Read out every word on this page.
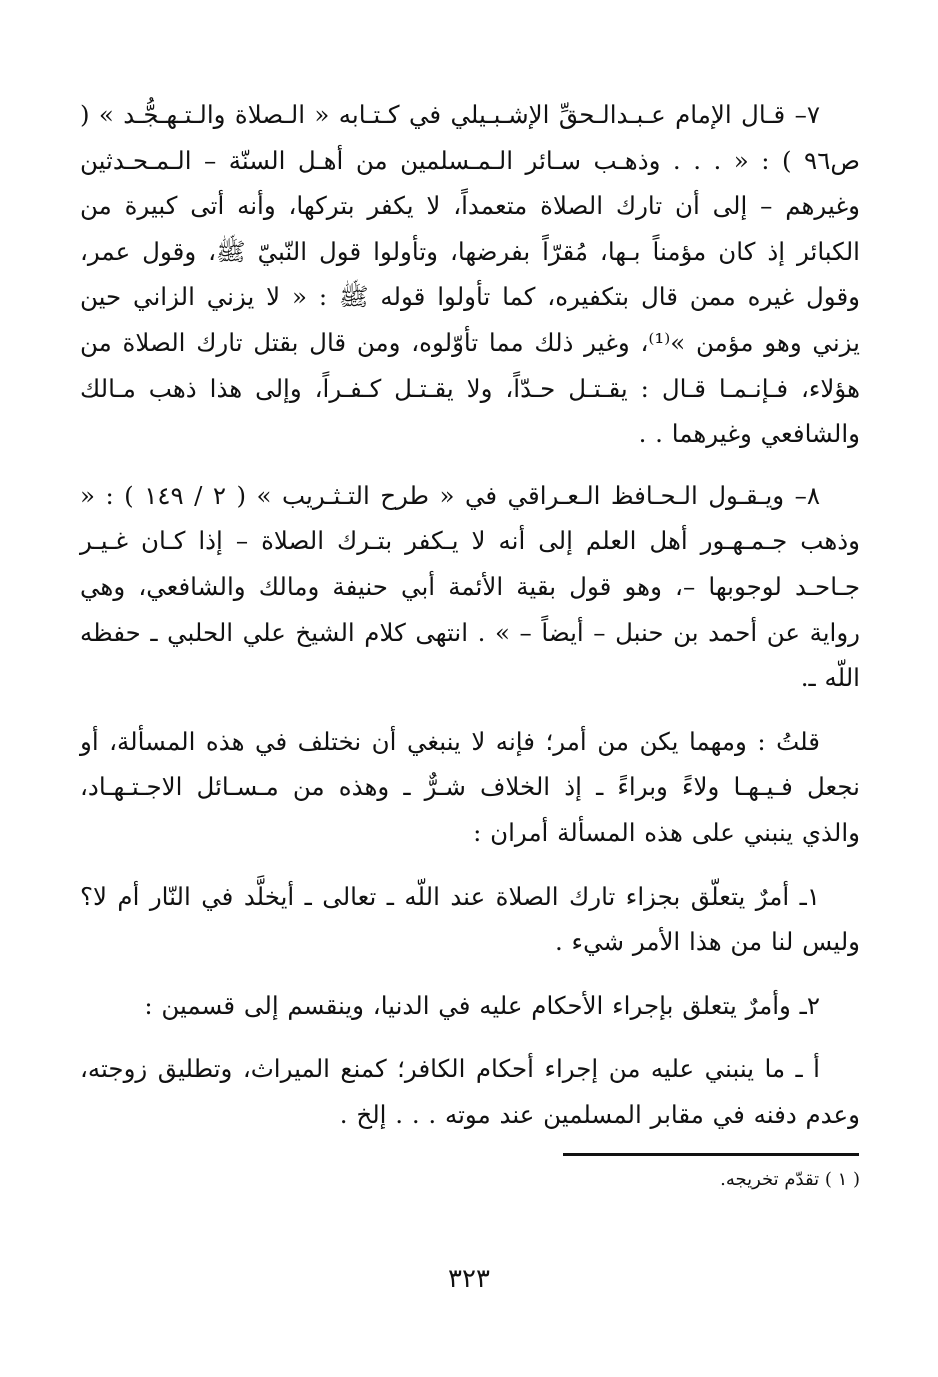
٧– قـال الإمام عـبـدالـحقِّ الإشـبـيلي في كـتـابه « الـصلاة والـتـهـجُّـد » ( ص٩٦ ) : « . . . وذهـب سـائر الـمـسلمين من أهـل السنّة – الـمـحـدثين وغيرهم – إلى أن تارك الصلاة متعمداً، لا يكفر بتركها، وأنه أتى كبيرة من الكبائر إذ كان مؤمناً بـها، مُقرّاً بفرضها، وتأولوا قول النّبيّ ﷺ، وقول عمر، وقول غيره ممن قال بتكفيره، كما تأولوا قوله ﷺ : « لا يزني الزاني حين يزني وهو مؤمن »⁽¹⁾، وغير ذلك مما تأوّلوه، ومن قال بقتل تارك الصلاة من هؤلاء، فـإنـمـا قـال : يقـتـل حـدّاً، ولا يقـتـل كـفـراً، وإلى هذا ذهب مـالك والشافعي وغيرهما . .

٨– ويـقـول الـحـافظ الـعـراقي في « طرح التـثـريب » ( ٢ / ١٤٩ ) : « وذهب جـمـهـور أهل العلم إلى أنه لا يـكفر بتـرك الصلاة – إذا كـان غـيـر جـاحـد لوجوبها –، وهو قول بقية الأئمة أبي حنيفة ومالك والشافعي، وهي رواية عن أحمد بن حنبل – أيضاً – » . انتهى كلام الشيخ علي الحلبي ـ حفظه اللّه ـ.

قلتُ : ومهما يكن من أمر؛ فإنه لا ينبغي أن نختلف في هذه المسألة، أو نجعل فـيـهـا ولاءً وبراءً ـ إذ الخلاف شـرٌّ ـ وهذه من مـسـائل الاجـتـهـاد، والذي ينبني على هذه المسألة أمران :

١ـ أمرٌ يتعلّق بجزاء تارك الصلاة عند اللّه ـ تعالى ـ أيخلَّد في النّار أم لا؟ وليس لنا من هذا الأمر شيء .

٢ـ وأمرٌ يتعلق بإجراء الأحكام عليه في الدنيا، وينقسم إلى قسمين :

أ ـ ما ينبني عليه من إجراء أحكام الكافر؛ كمنع الميراث، وتطليق زوجته، وعدم دفنه في مقابر المسلمين عند موته . . . إلخ .

( ١ ) تقدّم تخريجه.
٣٢٣
